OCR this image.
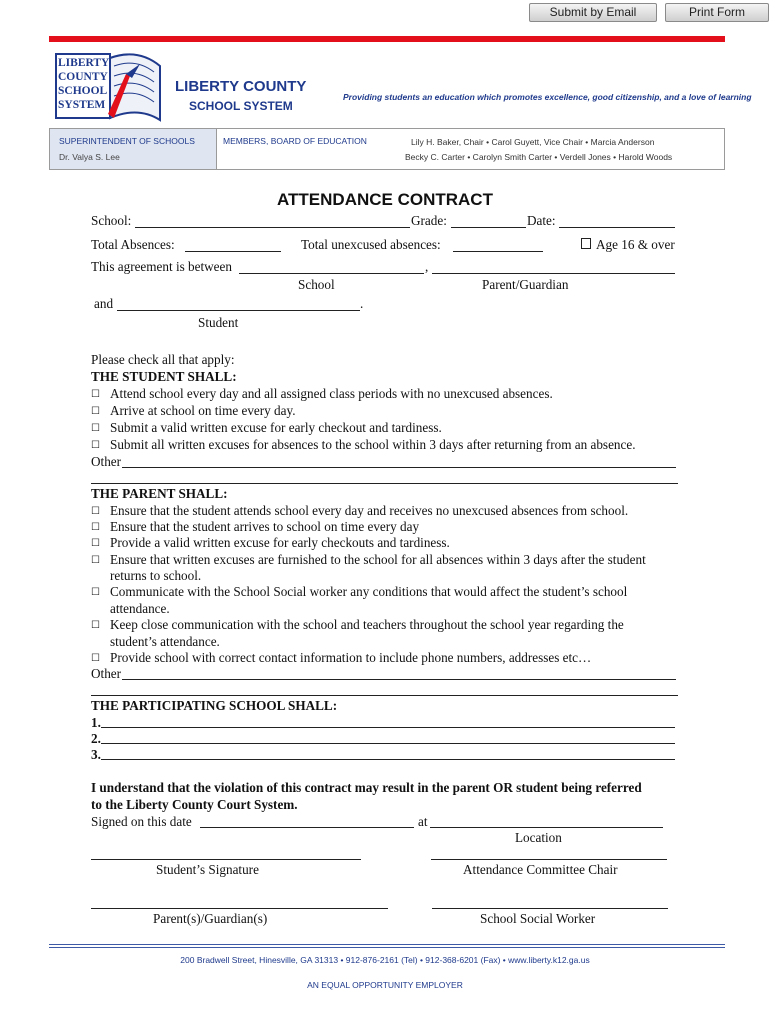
Submit by Email	Print Form
LIBERTY
COUNTY
SCHOOL
SYSTEM
LIBERTY COUNTY
SCHOOL SYSTEM
Providing students an education which promotes excellence, good citizenship, and a love of learning
SUPERINTENDENT OF SCHOOLS
Dr. Valya S. Lee
MEMBERS, BOARD OF EDUCATION	Lily H. Baker, Chair • Carol Guyett, Vice Chair • Marcia Anderson
Becky C. Carter • Carolyn Smith Carter • Verdell Jones • Harold Woods
ATTENDANCE CONTRACT
School:	Grade:	Date:
Total Absences:	Total unexcused absences:	Age 16 & over
This agreement is between	,
School	Parent/Guardian
and	.
Student
Please check all that apply:
THE STUDENT SHALL:
☐ Attend school every day and all assigned class periods with no unexcused absences.
☐ Arrive at school on time every day.
☐ Submit a valid written excuse for early checkout and tardiness.
☐ Submit all written excuses for absences to the school within 3 days after returning from an absence.
Other
THE PARENT SHALL:
☐ Ensure that the student attends school every day and receives no unexcused absences from school.
☐ Ensure that the student arrives to school on time every day
☐ Provide a valid written excuse for early checkouts and tardiness.
☐ Ensure that written excuses are furnished to the school for all absences within 3 days after the student
returns to school.
☐ Communicate with the School Social worker any conditions that would affect the student’s school
attendance.
☐ Keep close communication with the school and teachers throughout the school year regarding the
student’s attendance.
☐ Provide school with correct contact information to include phone numbers, addresses etc…
Other
THE PARTICIPATING SCHOOL SHALL:
1.
2.
3.
I understand that the violation of this contract may result in the parent OR student being referred
to the Liberty County Court System.
Signed on this date	at
Location
Student’s Signature	Attendance Committee Chair
Parent(s)/Guardian(s)	School Social Worker
200 Bradwell Street, Hinesville, GA 31313 • 912-876-2161 (Tel) • 912-368-6201 (Fax) • www.liberty.k12.ga.us
AN EQUAL OPPORTUNITY EMPLOYER
